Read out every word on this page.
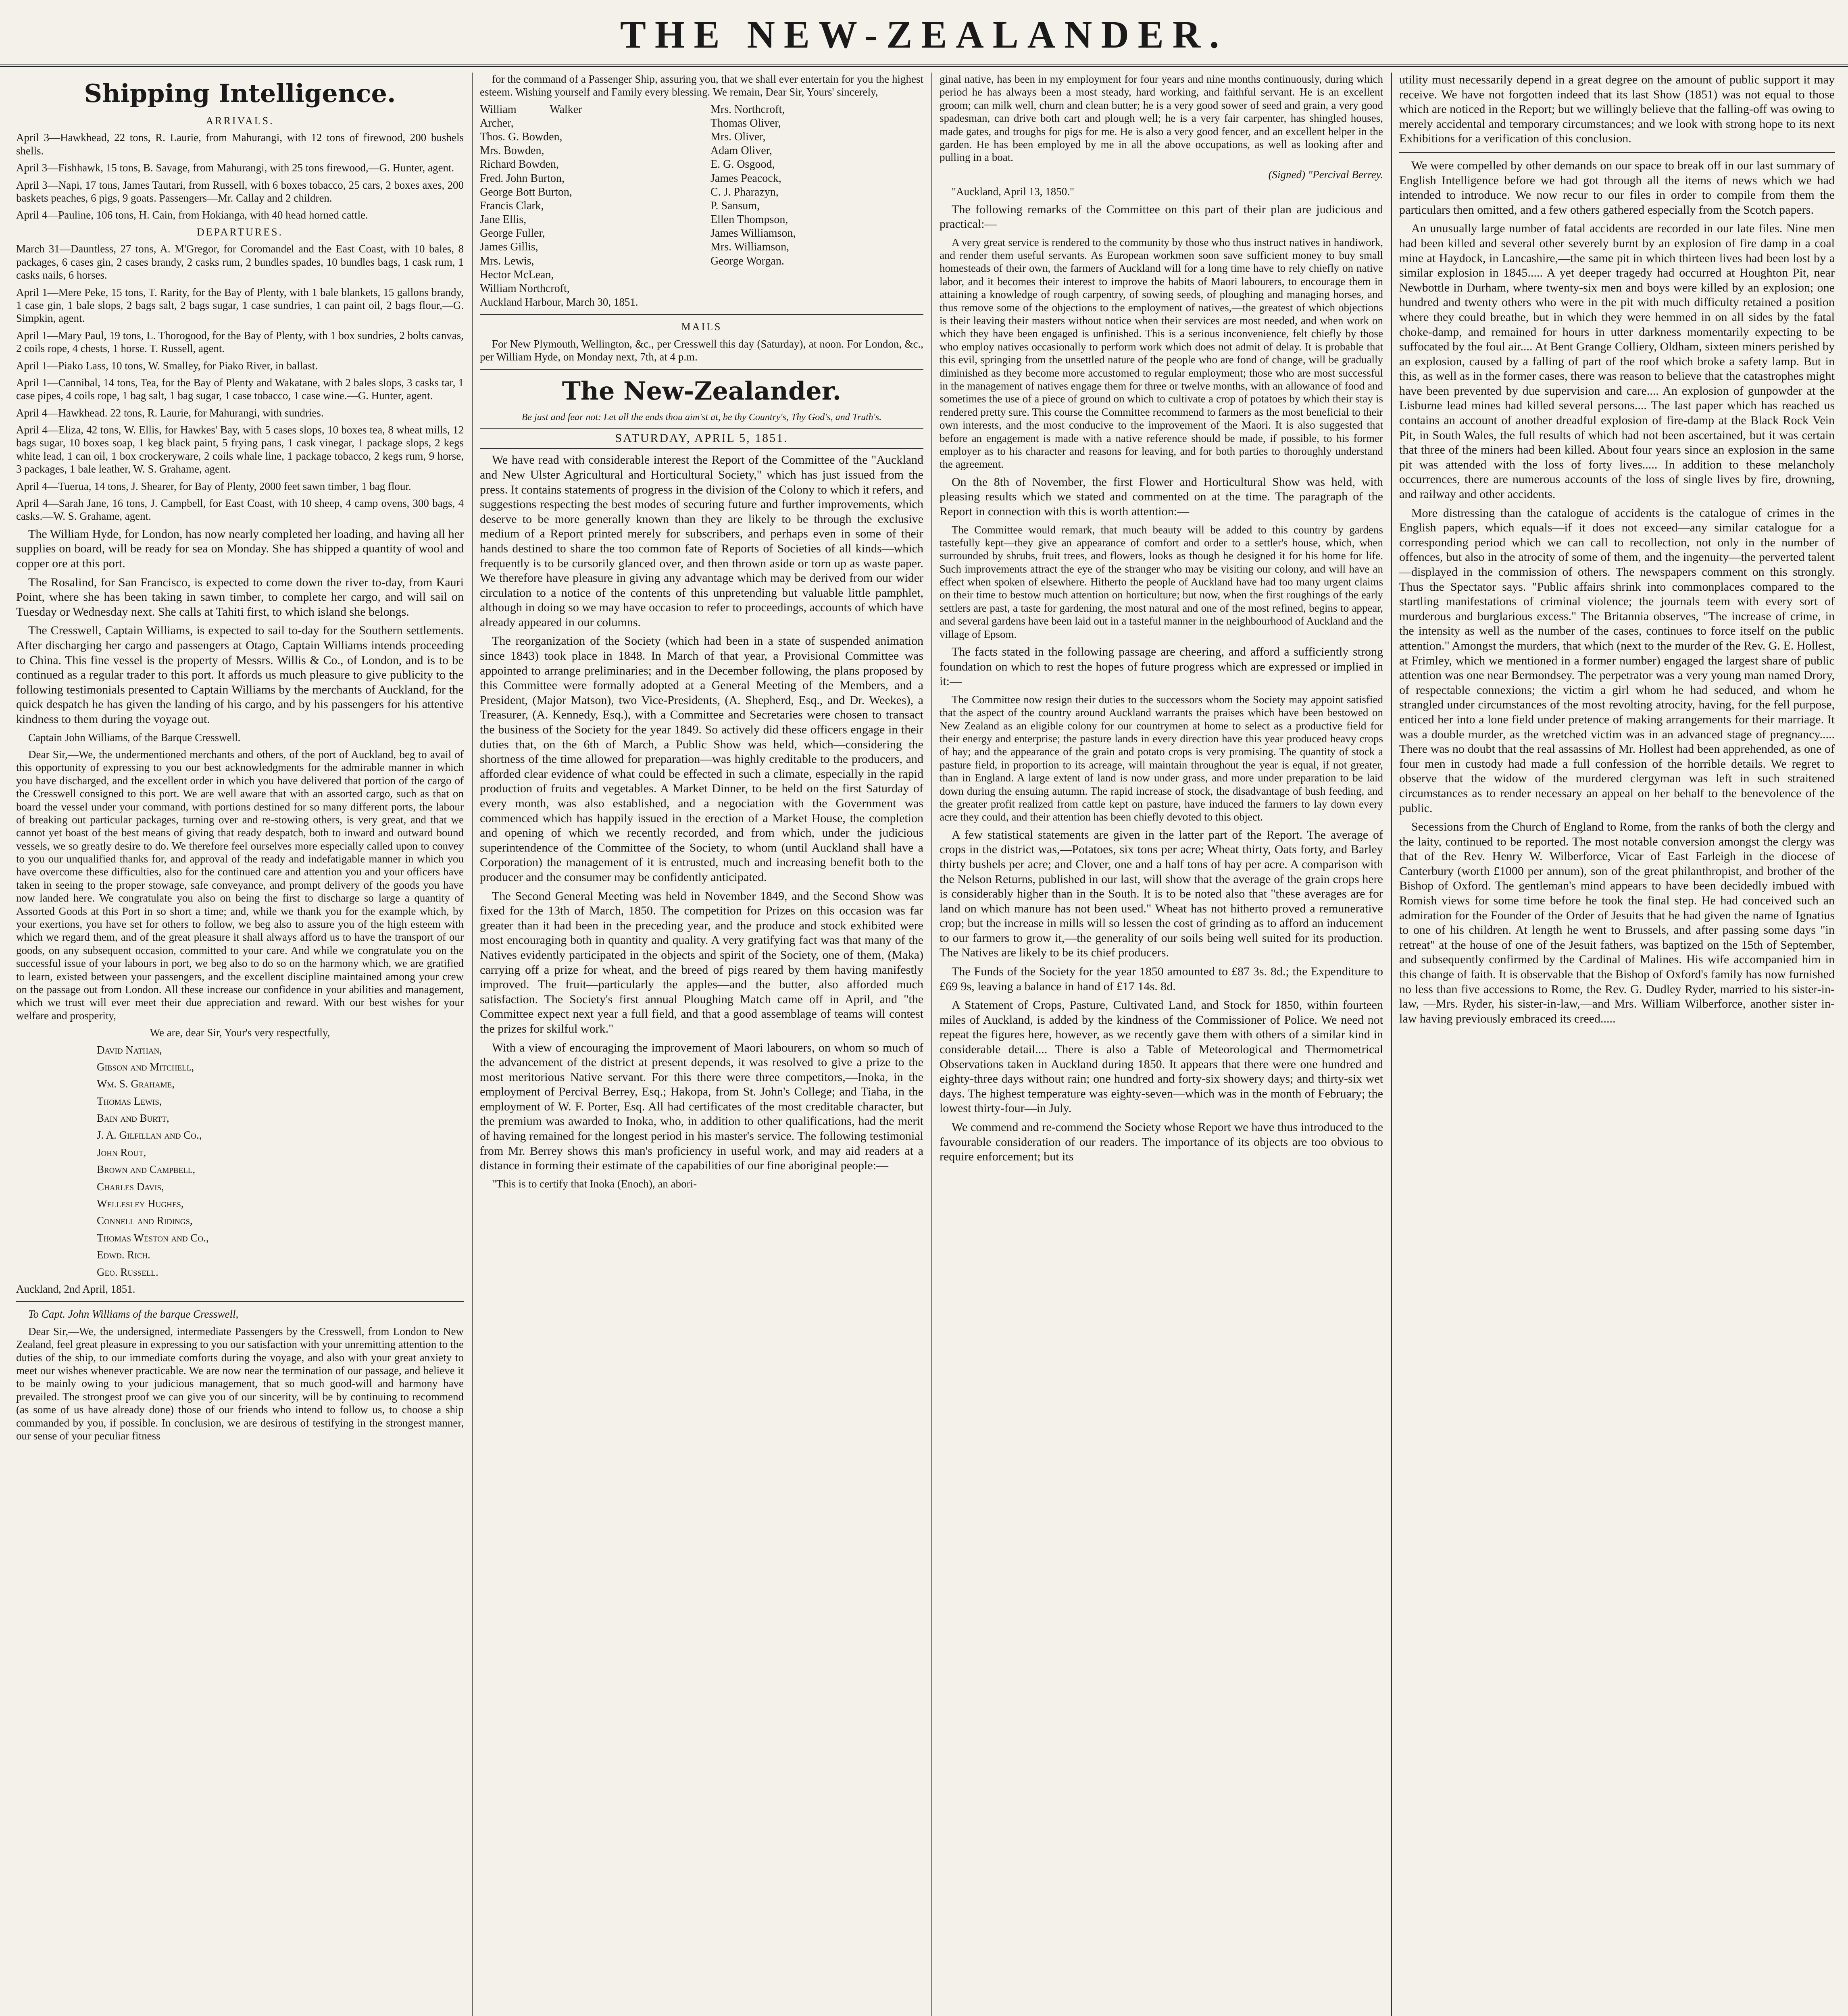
THE NEW-ZEALANDER.
Shipping Intelligence.
ARRIVALS.

April 3—Hawkhead, 22 tons, R. Laurie, from Mahurangi, with 12 tons of firewood, 200 bushels shells.

April 3—Fishhawk, 15 tons, B. Savage, from Mahurangi, with 25 tons firewood,—G. Hunter, agent.

April 3—Napi, 17 tons, James Tautari, from Russell, with 6 boxes tobacco, 25 cars, 2 boxes axes, 200 baskets peaches, 6 pigs, 9 goats. Passengers—Mr. Callay and 2 children.

April 4—Pauline, 106 tons, H. Cain, from Hokianga, with 40 head horned cattle.

DEPARTURES.

March 31—Dauntless, 27 tons, A. M'Gregor, for Coromandel and the East Coast, with 10 bales, 8 packages, 6 cases gin, 2 cases brandy, 2 casks rum, 2 bundles spades, 10 bundles bags, 1 cask rum, 1 casks nails, 6 horses.

April 1—Mere Peke, 15 tons, T. Rarity, for the Bay of Plenty, with 1 bale blankets, 15 gallons brandy, 1 case gin, 1 bale slops, 2 bags salt, 2 bags sugar, 1 case sundries, 1 can paint oil, 2 bags flour,—G. Simpkin, agent.

April 1—Mary Paul, 19 tons, L. Thorogood, for the Bay of Plenty, with 1 box sundries, 2 bolts canvas, 2 coils rope, 4 chests, 1 horse. T. Russell, agent.

April 1—Piako Lass, 10 tons, W. Smalley, for Piako River, in ballast.

April 1—Cannibal, 14 tons, Tea, for the Bay of Plenty and Wakatane, with 2 bales slops, 3 casks tar, 1 case pipes, 4 coils rope, 1 bag salt, 1 bag sugar, 1 case tobacco, 1 case wine.—G. Hunter, agent.

April 4—Hawkhead. 22 tons, R. Laurie, for Mahurangi, with sundries.

April 4—Eliza, 42 tons, W. Ellis, for Hawkes' Bay, with 5 cases slops, 10 boxes tea, 8 wheat mills, 12 bags sugar, 10 boxes soap, 1 keg black paint, 5 frying pans, 1 cask vinegar, 1 package slops, 2 kegs white lead, 1 can oil, 1 box crockeryware, 2 coils whale line, 1 package tobacco, 2 kegs rum, 9 horse, 3 packages, 1 bale leather, W. S. Grahame, agent.

April 4—Tuerua, 14 tons, J. Shearer, for Bay of Plenty, 2000 feet sawn timber, 1 bag flour.

April 4—Sarah Jane, 16 tons, J. Campbell, for East Coast, with 10 sheep, 4 camp ovens, 300 bags, 4 casks.—W. S. Grahame, agent.

The William Hyde, for London, has now nearly completed her loading, and having all her supplies on board, will be ready for sea on Monday. She has shipped a quantity of wool and copper ore at this port.

The Rosalind, for San Francisco, is expected to come down the river to-day, from Kauri Point, where she has been taking in sawn timber, to complete her cargo, and will sail on Tuesday or Wednesday next. She calls at Tahiti first, to which island she belongs.

The Cresswell, Captain Williams, is expected to sail to-day for the Southern settlements. After discharging her cargo and passengers at Otago, Captain Williams intends proceeding to China. This fine vessel is the property of Messrs. Willis & Co., of London, and is to be continued as a regular trader to this port. It affords us much pleasure to give publicity to the following testimonials presented to Captain Williams by the merchants of Auckland, for the quick despatch he has given the landing of his cargo, and by his passengers for his attentive kindness to them during the voyage out.

Captain John Williams, of the Barque Cresswell.

Dear Sir,—We, the undermentioned merchants and others, of the port of Auckland, beg to avail of this opportunity of expressing to you our best acknowledgments for the admirable manner in which you have discharged, and the excellent order in which you have delivered that portion of the cargo of the Cresswell consigned to this port. We are well aware that with an assorted cargo, such as that on board the vessel under your command, with portions destined for so many different ports, the labour of breaking out particular packages, turning over and re-stowing others, is very great, and that we cannot yet boast of the best means of giving that ready despatch, both to inward and outward bound vessels, we so greatly desire to do. We therefore feel ourselves more especially called upon to convey to you our unqualified thanks for, and approval of the ready and indefatigable manner in which you have overcome these difficulties, also for the continued care and attention you and your officers have taken in seeing to the proper stowage, safe conveyance, and prompt delivery of the goods you have now landed here. We congratulate you also on being the first to discharge so large a quantity of Assorted Goods at this Port in so short a time; and, while we thank you for the example which, by your exertions, you have set for others to follow, we beg also to assure you of the high esteem with which we regard them, and of the great pleasure it shall always afford us to have the transport of our goods, on any subsequent occasion, committed to your care. And while we congratulate you on the successful issue of your labours in port, we beg also to do so on the harmony which, we are gratified to learn, existed between your passengers, and the excellent discipline maintained among your crew on the passage out from London. All these increase our confidence in your abilities and management, which we trust will ever meet their due appreciation and reward. With our best wishes for your welfare and prosperity,

We are, dear Sir, Your's very respectfully,

David Nathan,

Gibson and Mitchell,

Wm. S. Grahame,

Thomas Lewis,

Bain and Burtt,

J. A. Gilfillan and Co.,

John Rout,

Brown and Campbell,

Charles Davis,

Wellesley Hughes,

Connell and Ridings,

Thomas Weston and Co.,

Edwd. Rich.

Geo. Russell.

Auckland, 2nd April, 1851.

To Capt. John Williams of the barque Cresswell,

Dear Sir,—We, the undersigned, intermediate Passengers by the Cresswell, from London to New Zealand, feel great pleasure in expressing to you our satisfaction with your unremitting attention to the duties of the ship, to our immediate comforts during the voyage, and also with your great anxiety to meet our wishes whenever practicable. We are now near the termination of our passage, and believe it to be mainly owing to your judicious management, that so much good-will and harmony have prevailed. The strongest proof we can give you of our sincerity, will be by continuing to recommend (as some of us have already done) those of our friends who intend to follow us, to choose a ship commanded by you, if possible. In conclusion, we are desirous of testifying in the strongest manner, our sense of your peculiar fitness

for the command of a Passenger Ship, assuring you, that we shall ever entertain for you the highest esteem. Wishing yourself and Family every blessing. We remain, Dear Sir, Yours' sincerely,

William Walker Archer,
Thos. G. Bowden,
Mrs. Bowden,
Richard Bowden,
Fred. John Burton,
George Bott Burton,
Francis Clark,
Jane Ellis,
George Fuller,
James Gillis,
Mrs. Lewis,
Hector McLean,
William Northcroft,
Mrs. Northcroft,
Thomas Oliver,
Mrs. Oliver,
Adam Oliver,
E. G. Osgood,
James Peacock,
C. J. Pharazyn,
P. Sansum,
Ellen Thompson,
James Williamson,
Mrs. Williamson,
George Worgan.

Auckland Harbour, March 30, 1851.

MAILS

For New Plymouth, Wellington, &c., per Cresswell this day (Saturday), at noon. For London, &c., per William Hyde, on Monday next, 7th, at 4 p.m.

The New-Zealander.

Be just and fear not: Let all the ends thou aim'st at, be thy Country's, Thy God's, and Truth's.

SATURDAY, APRIL 5, 1851.

We have read with considerable interest the Report of the Committee of the "Auckland and New Ulster Agricultural and Horticultural Society," which has just issued from the press. It contains statements of progress in the division of the Colony to which it refers, and suggestions respecting the best modes of securing future and further improvements, which deserve to be more generally known than they are likely to be through the exclusive medium of a Report printed merely for subscribers, and perhaps even in some of their hands destined to share the too common fate of Reports of Societies of all kinds—which frequently is to be cursorily glanced over, and then thrown aside or torn up as waste paper. We therefore have pleasure in giving any advantage which may be derived from our wider circulation to a notice of the contents of this unpretending but valuable little pamphlet, although in doing so we may have occasion to refer to proceedings, accounts of which have already appeared in our columns.

The reorganization of the Society (which had been in a state of suspended animation since 1843) took place in 1848. In March of that year, a Provisional Committee was appointed to arrange preliminaries; and in the December following, the plans proposed by this Committee were formally adopted at a General Meeting of the Members, and a President, (Major Matson), two Vice-Presidents, (A. Shepherd, Esq., and Dr. Weekes), a Treasurer, (A. Kennedy, Esq.), with a Committee and Secretaries were chosen to transact the business of the Society for the year 1849. So actively did these officers engage in their duties that, on the 6th of March, a Public Show was held, which—considering the shortness of the time allowed for preparation—was highly creditable to the producers, and afforded clear evidence of what could be effected in such a climate, especially in the rapid production of fruits and vegetables. A Market Dinner, to be held on the first Saturday of every month, was also established, and a negociation with the Government was commenced which has happily issued in the erection of a Market House, the completion and opening of which we recently recorded, and from which, under the judicious superintendence of the Committee of the Society, to whom (until Auckland shall have a Corporation) the management of it is entrusted, much and increasing benefit both to the producer and the consumer may be confidently anticipated.

The Second General Meeting was held in November 1849, and the Second Show was fixed for the 13th of March, 1850. The competition for Prizes on this occasion was far greater than it had been in the preceding year, and the produce and stock exhibited were most encouraging both in quantity and quality. A very gratifying fact was that many of the Natives evidently participated in the objects and spirit of the Society, one of them, (Maka) carrying off a prize for wheat, and the breed of pigs reared by them having manifestly improved. The fruit—particularly the apples—and the butter, also afforded much satisfaction. The Society's first annual Ploughing Match came off in April, and "the Committee expect next year a full field, and that a good assemblage of teams will contest the prizes for skilful work."

With a view of encouraging the improvement of Maori labourers, on whom so much of the advancement of the district at present depends, it was resolved to give a prize to the most meritorious Native servant. For this there were three competitors,—Inoka, in the employment of Percival Berrey, Esq.; Hakopa, from St. John's College; and Tiaha, in the employment of W. F. Porter, Esq. All had certificates of the most creditable character, but the premium was awarded to Inoka, who, in addition to other qualifications, had the merit of having remained for the longest period in his master's service. The following testimonial from Mr. Berrey shows this man's proficiency in useful work, and may aid readers at a distance in forming their estimate of the capabilities of our fine aboriginal people:—

"This is to certify that Inoka (Enoch), an abori-

ginal native, has been in my employment for four years and nine months continuously, during which period he has always been a most steady, hard working, and faithful servant. He is an excellent groom; can milk well, churn and clean butter; he is a very good sower of seed and grain, a very good spadesman, can drive both cart and plough well; he is a very fair carpenter, has shingled houses, made gates, and troughs for pigs for me. He is also a very good fencer, and an excellent helper in the garden. He has been employed by me in all the above occupations, as well as looking after and pulling in a boat.

(Signed) "Percival Berrey.

"Auckland, April 13, 1850."

The following remarks of the Committee on this part of their plan are judicious and practical:—

A very great service is rendered to the community by those who thus instruct natives in handiwork, and render them useful servants. As European workmen soon save sufficient money to buy small homesteads of their own, the farmers of Auckland will for a long time have to rely chiefly on native labor, and it becomes their interest to improve the habits of Maori labourers, to encourage them in attaining a knowledge of rough carpentry, of sowing seeds, of ploughing and managing horses, and thus remove some of the objections to the employment of natives,—the greatest of which objections is their leaving their masters without notice when their services are most needed, and when work on which they have been engaged is unfinished. This is a serious inconvenience, felt chiefly by those who employ natives occasionally to perform work which does not admit of delay. It is probable that this evil, springing from the unsettled nature of the people who are fond of change, will be gradually diminished as they become more accustomed to regular employment; those who are most successful in the management of natives engage them for three or twelve months, with an allowance of food and sometimes the use of a piece of ground on which to cultivate a crop of potatoes by which their stay is rendered pretty sure. This course the Committee recommend to farmers as the most beneficial to their own interests, and the most conducive to the improvement of the Maori. It is also suggested that before an engagement is made with a native reference should be made, if possible, to his former employer as to his character and reasons for leaving, and for both parties to thoroughly understand the agreement.

On the 8th of November, the first Flower and Horticultural Show was held, with pleasing results which we stated and commented on at the time. The paragraph of the Report in connection with this is worth attention:—

The Committee would remark, that much beauty will be added to this country by gardens tastefully kept—they give an appearance of comfort and order to a settler's house, which, when surrounded by shrubs, fruit trees, and flowers, looks as though he designed it for his home for life. Such improvements attract the eye of the stranger who may be visiting our colony, and will have an effect when spoken of elsewhere. Hitherto the people of Auckland have had too many urgent claims on their time to bestow much attention on horticulture; but now, when the first roughings of the early settlers are past, a taste for gardening, the most natural and one of the most refined, begins to appear, and several gardens have been laid out in a tasteful manner in the neighbourhood of Auckland and the village of Epsom.

The facts stated in the following passage are cheering, and afford a sufficiently strong foundation on which to rest the hopes of future progress which are expressed or implied in it:—

The Committee now resign their duties to the successors whom the Society may appoint satisfied that the aspect of the country around Auckland warrants the praises which have been bestowed on New Zealand as an eligible colony for our countrymen at home to select as a productive field for their energy and enterprise; the pasture lands in every direction have this year produced heavy crops of hay; and the appearance of the grain and potato crops is very promising. The quantity of stock a pasture field, in proportion to its acreage, will maintain throughout the year is equal, if not greater, than in England. A large extent of land is now under grass, and more under preparation to be laid down during the ensuing autumn. The rapid increase of stock, the disadvantage of bush feeding, and the greater profit realized from cattle kept on pasture, have induced the farmers to lay down every acre they could, and their attention has been chiefly devoted to this object.

A few statistical statements are given in the latter part of the Report. The average of crops in the district was,—Potatoes, six tons per acre; Wheat thirty, Oats forty, and Barley thirty bushels per acre; and Clover, one and a half tons of hay per acre. A comparison with the Nelson Returns, published in our last, will show that the average of the grain crops here is considerably higher than in the South. It is to be noted also that "these averages are for land on which manure has not been used." Wheat has not hitherto proved a remunerative crop; but the increase in mills will so lessen the cost of grinding as to afford an inducement to our farmers to grow it,—the generality of our soils being well suited for its production. The Natives are likely to be its chief producers.

The Funds of the Society for the year 1850 amounted to £87 3s. 8d.; the Expenditure to £69 9s, leaving a balance in hand of £17 14s. 8d.

A Statement of Crops, Pasture, Cultivated Land, and Stock for 1850, within fourteen miles of Auckland, is added by the kindness of the Commissioner of Police. We need not repeat the figures here, however, as we recently gave them with others of a similar kind in considerable detail.... There is also a Table of Meteorological and Thermometrical Observations taken in Auckland during 1850. It appears that there were one hundred and eighty-three days without rain; one hundred and forty-six showery days; and thirty-six wet days. The highest temperature was eighty-seven—which was in the month of February; the lowest thirty-four—in July.

We commend and re-commend the Society whose Report we have thus introduced to the favourable consideration of our readers. The importance of its objects are too obvious to require enforcement; but its

utility must necessarily depend in a great degree on the amount of public support it may receive. We have not forgotten indeed that its last Show (1851) was not equal to those which are noticed in the Report; but we willingly believe that the falling-off was owing to merely accidental and temporary circumstances; and we look with strong hope to its next Exhibitions for a verification of this conclusion.

We were compelled by other demands on our space to break off in our last summary of English Intelligence before we had got through all the items of news which we had intended to introduce. We now recur to our files in order to compile from them the particulars then omitted, and a few others gathered especially from the Scotch papers.

An unusually large number of fatal accidents are recorded in our late files. Nine men had been killed and several other severely burnt by an explosion of fire damp in a coal mine at Haydock, in Lancashire,—the same pit in which thirteen lives had been lost by a similar explosion in 1845..... A yet deeper tragedy had occurred at Houghton Pit, near Newbottle in Durham, where twenty-six men and boys were killed by an explosion; one hundred and twenty others who were in the pit with much difficulty retained a position where they could breathe, but in which they were hemmed in on all sides by the fatal choke-damp, and remained for hours in utter darkness momentarily expecting to be suffocated by the foul air.... At Bent Grange Colliery, Oldham, sixteen miners perished by an explosion, caused by a falling of part of the roof which broke a safety lamp. But in this, as well as in the former cases, there was reason to believe that the catastrophes might have been prevented by due supervision and care.... An explosion of gunpowder at the Lisburne lead mines had killed several persons.... The last paper which has reached us contains an account of another dreadful explosion of fire-damp at the Black Rock Vein Pit, in South Wales, the full results of which had not been ascertained, but it was certain that three of the miners had been killed. About four years since an explosion in the same pit was attended with the loss of forty lives..... In addition to these melancholy occurrences, there are numerous accounts of the loss of single lives by fire, drowning, and railway and other accidents.

More distressing than the catalogue of accidents is the catalogue of crimes in the English papers, which equals—if it does not exceed—any similar catalogue for a corresponding period which we can call to recollection, not only in the number of offences, but also in the atrocity of some of them, and the ingenuity—the perverted talent—displayed in the commission of others. The newspapers comment on this strongly. Thus the Spectator says. "Public affairs shrink into commonplaces compared to the startling manifestations of criminal violence; the journals teem with every sort of murderous and burglarious excess." The Britannia observes, "The increase of crime, in the intensity as well as the number of the cases, continues to force itself on the public attention." Amongst the murders, that which (next to the murder of the Rev. G. E. Hollest, at Frimley, which we mentioned in a former number) engaged the largest share of public attention was one near Bermondsey. The perpetrator was a very young man named Drory, of respectable connexions; the victim a girl whom he had seduced, and whom he strangled under circumstances of the most revolting atrocity, having, for the fell purpose, enticed her into a lone field under pretence of making arrangements for their marriage. It was a double murder, as the wretched victim was in an advanced stage of pregnancy..... There was no doubt that the real assassins of Mr. Hollest had been apprehended, as one of four men in custody had made a full confession of the horrible details. We regret to observe that the widow of the murdered clergyman was left in such straitened circumstances as to render necessary an appeal on her behalf to the benevolence of the public.

Secessions from the Church of England to Rome, from the ranks of both the clergy and the laity, continued to be reported. The most notable conversion amongst the clergy was that of the Rev. Henry W. Wilberforce, Vicar of East Farleigh in the diocese of Canterbury (worth £1000 per annum), son of the great philanthropist, and brother of the Bishop of Oxford. The gentleman's mind appears to have been decidedly imbued with Romish views for some time before he took the final step. He had conceived such an admiration for the Founder of the Order of Jesuits that he had given the name of Ignatius to one of his children. At length he went to Brussels, and after passing some days "in retreat" at the house of one of the Jesuit fathers, was baptized on the 15th of September, and subsequently confirmed by the Cardinal of Malines. His wife accompanied him in this change of faith. It is observable that the Bishop of Oxford's family has now furnished no less than five accessions to Rome, the Rev. G. Dudley Ryder, married to his sister-in-law, —Mrs. Ryder, his sister-in-law,—and Mrs. William Wilberforce, another sister in-law having previously embraced its creed.....
